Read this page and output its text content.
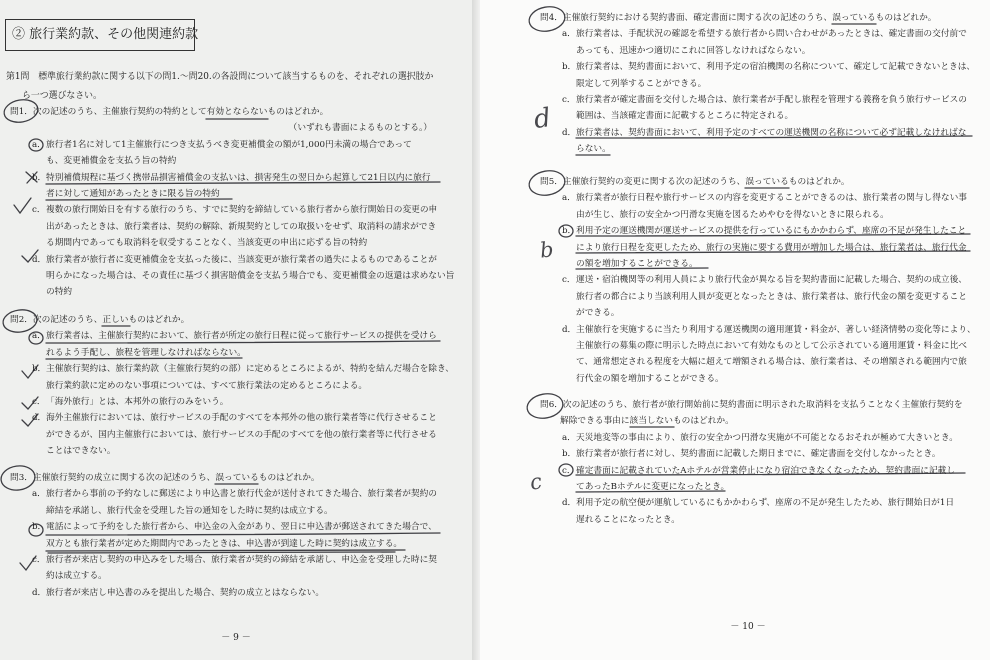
② 旅行業約款、その他関連約款
第1問　標準旅行業約款に関する以下の問1.～問20.の各設問について該当するものを、それぞれの選択肢か
ら一つ選びなさい。
問1．次の記述のうち、主催旅行契約の特約として有効とならないものはどれか。
（いずれも書面によるものとする。）
a．旅行者1名に対して1主催旅行につき支払うべき変更補償金の額が1,000円未満の場合であって
も、変更補償金を支払う旨の特約
b．特別補償規程に基づく携帯品損害補償金の支払いは、損害発生の翌日から起算して21日以内に旅行
者に対して通知があったときに限る旨の特約
c．複数の旅行開始日を有する旅行のうち、すでに契約を締結している旅行者から旅行開始日の変更の申
出があったときは、旅行業者は、契約の解除、新規契約としての取扱いをせず、取消料の請求ができ
る期間内であっても取消料を収受することなく、当該変更の申出に応ずる旨の特約
d．旅行業者が旅行者に変更補償金を支払った後に、当該変更が旅行業者の過失によるものであることが
明らかになった場合は、その責任に基づく損害賠償金を支払う場合でも、変更補償金の返還は求めない旨
の特約
問2．次の記述のうち、正しいものはどれか。
a．旅行業者は、主催旅行契約において、旅行者が所定の旅行日程に従って旅行サービスの提供を受けら
れるよう手配し、旅程を管理しなければならない。
b．主催旅行契約は、旅行業約款（主催旅行契約の部）に定めるところによるが、特約を結んだ場合を除き、
旅行業約款に定めのない事項については、すべて旅行業法の定めるところによる。
c．「海外旅行」とは、本邦外の旅行のみをいう。
d．海外主催旅行においては、旅行サービスの手配のすべてを本邦外の他の旅行業者等に代行させること
ができるが、国内主催旅行においては、旅行サービスの手配のすべてを他の旅行業者等に代行させる
ことはできない。
問3．主催旅行契約の成立に関する次の記述のうち、誤っているものはどれか。
a．旅行者から事前の予約なしに郵送により申込書と旅行代金が送付されてきた場合、旅行業者が契約の
締結を承諾し、旅行代金を受理した旨の通知をした時に契約は成立する。
b．電話によって予約をした旅行者から、申込金の入金があり、翌日に申込書が郵送されてきた場合で、
双方とも旅行業者が定めた期間内であったときは、申込書が到達した時に契約は成立する。
c．旅行者が来店し契約の申込みをした場合、旅行業者が契約の締結を承諾し、申込金を受理した時に契
約は成立する。
d．旅行者が来店し申込書のみを提出した場合、契約の成立とはならない。
－ 9 －
問4．主催旅行契約における契約書面、確定書面に関する次の記述のうち、誤っているものはどれか。
a．旅行業者は、手配状況の確認を希望する旅行者から問い合わせがあったときは、確定書面の交付前で
あっても、迅速かつ適切にこれに回答しなければならない。
b．旅行業者は、契約書面において、利用予定の宿泊機関の名称について、確定して記載できないときは、
限定して列挙することができる。
c．旅行業者が確定書面を交付した場合は、旅行業者が手配し旅程を管理する義務を負う旅行サービスの
範囲は、当該確定書面に記載するところに特定される。
d．旅行業者は、契約書面において、利用予定のすべての運送機関の名称について必ず記載しなければな
らない。
問5．主催旅行契約の変更に関する次の記述のうち、誤っているものはどれか。
a．旅行業者が旅行日程や旅行サービスの内容を変更することができるのは、旅行業者の関与し得ない事
由が生じ、旅行の安全かつ円滑な実施を図るためやむを得ないときに限られる。
b．利用予定の運送機関が運送サービスの提供を行っているにもかかわらず、座席の不足が発生したこと
により旅行日程を変更したため、旅行の実施に要する費用が増加した場合は、旅行業者は、旅行代金
の額を増加することができる。
c．運送・宿泊機関等の利用人員により旅行代金が異なる旨を契約書面に記載した場合、契約の成立後、
旅行者の都合により当該利用人員が変更となったときは、旅行業者は、旅行代金の額を変更すること
ができる。
d．主催旅行を実施するに当たり利用する運送機関の適用運賃・料金が、著しい経済情勢の変化等により、
主催旅行の募集の際に明示した時点において有効なものとして公示されている適用運賃・料金に比べ
て、通常想定される程度を大幅に超えて増額される場合は、旅行業者は、その増額される範囲内で旅
行代金の額を増加することができる。
問6．次の記述のうち、旅行者が旅行開始前に契約書面に明示された取消料を支払うことなく主催旅行契約を
解除できる事由に該当しないものはどれか。
a．天災地変等の事由により、旅行の安全かつ円滑な実施が不可能となるおそれが極めて大きいとき。
b．旅行業者が旅行者に対し、契約書面に記載した期日までに、確定書面を交付しなかったとき。
c．確定書面に記載されていたAホテルが営業停止になり宿泊できなくなったため、契約書面に記載し
てあったBホテルに変更になったとき。
d．利用予定の航空便が運航しているにもかかわらず、座席の不足が発生したため、旅行開始日が1日
遅れることになったとき。
－ 10 －
d
b
c
